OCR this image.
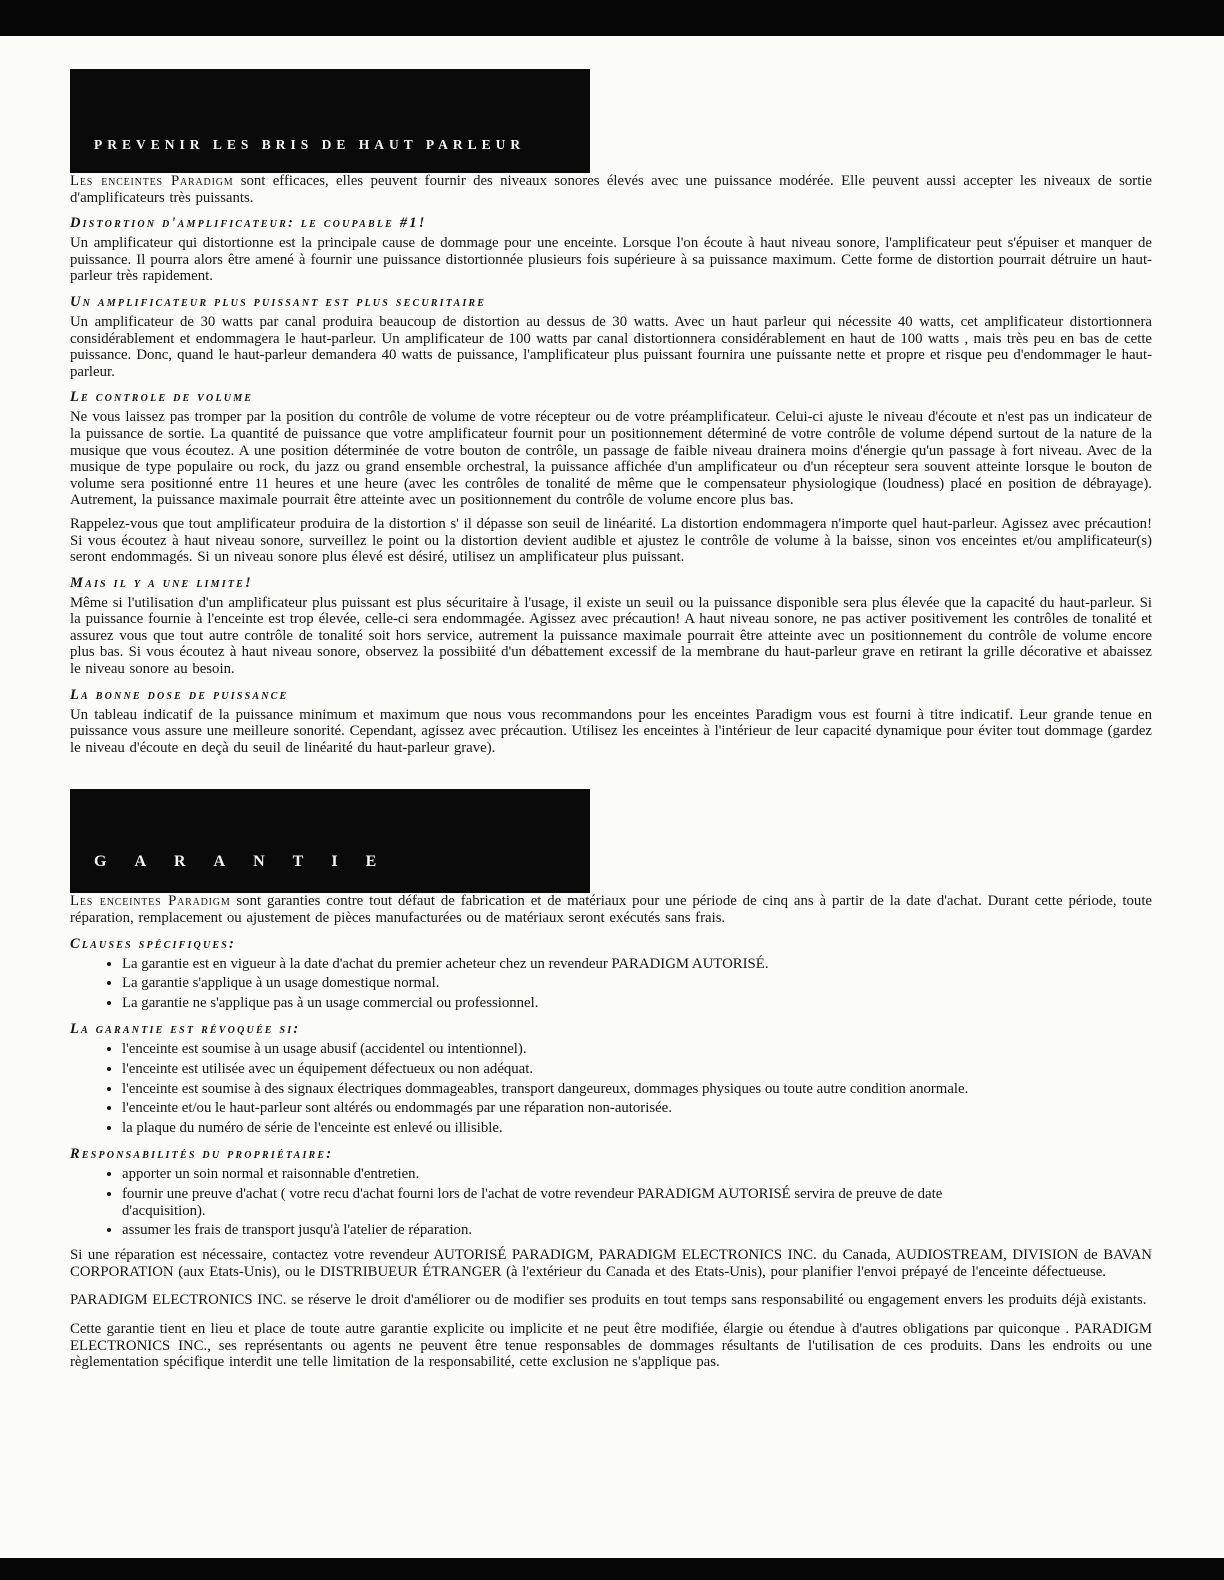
PREVENIR LES BRIS DE HAUT PARLEUR

Les enceintes Paradigm sont efficaces, elles peuvent fournir des niveaux sonores élevés avec une puissance modérée. Elle peuvent aussi accepter les niveaux de sortie d'amplificateurs très puissants.

Distortion d'amplificateur: le coupable #1!

Un amplificateur qui distortionne est la principale cause de dommage pour une enceinte. Lorsque l'on écoute à haut niveau sonore, l'amplificateur peut s'épuiser et manquer de puissance. Il pourra alors être amené à fournir une puissance distortionnée plusieurs fois supérieure à sa puissance maximum. Cette forme de distortion pourrait détruire un haut-parleur très rapidement.

Un amplificateur plus puissant est plus securitaire

Un amplificateur de 30 watts par canal produira beaucoup de distortion au dessus de 30 watts. Avec un haut parleur qui nécessite 40 watts, cet amplificateur distortionnera considérablement et endommagera le haut-parleur. Un amplificateur de 100 watts par canal distortionnera considérablement en haut de 100 watts , mais très peu en bas de cette puissance. Donc, quand le haut-parleur demandera 40 watts de puissance, l'amplificateur plus puissant fournira une puissante nette et propre et risque peu d'endommager le haut-parleur.

Le controle de volume

Ne vous laissez pas tromper par la position du contrôle de volume de votre récepteur ou de votre préamplificateur. Celui-ci ajuste le niveau d'écoute et n'est pas un indicateur de la puissance de sortie. La quantité de puissance que votre amplificateur fournit pour un positionnement déterminé de votre contrôle de volume dépend surtout de la nature de la musique que vous écoutez. A une position déterminée de votre bouton de contrôle, un passage de faible niveau drainera moins d'énergie qu'un passage à fort niveau. Avec de la musique de type populaire ou rock, du jazz ou grand ensemble orchestral, la puissance affichée d'un amplificateur ou d'un récepteur sera souvent atteinte lorsque le bouton de volume sera positionné entre 11 heures et une heure (avec les contrôles de tonalité de même que le compensateur physiologique (loudness) placé en position de débrayage). Autrement, la puissance maximale pourrait être atteinte avec un positionnement du contrôle de volume encore plus bas.

Rappelez-vous que tout amplificateur produira de la distortion s' il dépasse son seuil de linéarité. La distortion endommagera n'importe quel haut-parleur. Agissez avec précaution! Si vous écoutez à haut niveau sonore, surveillez le point ou la distortion devient audible et ajustez le contrôle de volume à la baisse, sinon vos enceintes et/ou amplificateur(s) seront endommagés. Si un niveau sonore plus élevé est désiré, utilisez un amplificateur plus puissant.

Mais il y a une limite!

Même si l'utilisation d'un amplificateur plus puissant est plus sécuritaire à l'usage, il existe un seuil ou la puissance disponible sera plus élevée que la capacité du haut-parleur. Si la puissance fournie à l'enceinte est trop élevée, celle-ci sera endommagée. Agissez avec précaution! A haut niveau sonore, ne pas activer positivement les contrôles de tonalité et assurez vous que tout autre contrôle de tonalité soit hors service, autrement la puissance maximale pourrait être atteinte avec un positionnement du contrôle de volume encore plus bas. Si vous écoutez à haut niveau sonore, observez la possibiité d'un débattement excessif de la membrane du haut-parleur grave en retirant la grille décorative et abaissez le niveau sonore au besoin.

La bonne dose de puissance

Un tableau indicatif de la puissance minimum et maximum que nous vous recommandons pour les enceintes Paradigm vous est fourni à titre indicatif. Leur grande tenue en puissance vous assure une meilleure sonorité. Cependant, agissez avec précaution. Utilisez les enceintes à l'intérieur de leur capacité dynamique pour éviter tout dommage (gardez le niveau d'écoute en deçà du seuil de linéarité du haut-parleur grave).

GARANTIE

Les enceintes Paradigm sont garanties contre tout défaut de fabrication et de matériaux pour une période de cinq ans à partir de la date d'achat. Durant cette période, toute réparation, remplacement ou ajustement de pièces manufacturées ou de matériaux seront exécutés sans frais.

Clauses spécifiques:
• La garantie est en vigueur à la date d'achat du premier acheteur chez un revendeur PARADIGM AUTORISÉ.
• La garantie s'applique à un usage domestique normal.
• La garantie ne s'applique pas à un usage commercial ou professionnel.
La garantie est révoquée si:
• l'enceinte est soumise à un usage abusif (accidentel ou intentionnel).
• l'enceinte est utilisée avec un équipement défectueux ou non adéquat.
• l'enceinte est soumise à des signaux électriques dommageables, transport dangeureux, dommages physiques ou toute autre condition anormale.
• l'enceinte et/ou le haut-parleur sont altérés ou endommagés par une réparation non-autorisée.
• la plaque du numéro de série de l'enceinte est enlevé ou illisible.
Responsabilités du propriétaire:
• apporter un soin normal et raisonnable d'entretien.
• fournir une preuve d'achat ( votre recu d'achat fourni lors de l'achat de votre revendeur PARADIGM AUTORISÉ servira de preuve de date d'acquisition).
• assumer les frais de transport jusqu'à l'atelier de réparation.

Si une réparation est nécessaire, contactez votre revendeur AUTORISÉ PARADIGM, PARADIGM ELECTRONICS INC. du Canada, AUDIOSTREAM, DIVISION de BAVAN CORPORATION (aux Etats-Unis), ou le DISTRIBUEUR ÉTRANGER (à l'extérieur du Canada et des Etats-Unis), pour planifier l'envoi prépayé de l'enceinte défectueuse.

PARADIGM ELECTRONICS INC. se réserve le droit d'améliorer ou de modifier ses produits en tout temps sans responsabilité ou engagement envers les produits déjà existants.

Cette garantie tient en lieu et place de toute autre garantie explicite ou implicite et ne peut être modifiée, élargie ou étendue à d'autres obligations par quiconque . PARADIGM ELECTRONICS INC., ses représentants ou agents ne peuvent être tenue responsables de dommages résultants de l'utilisation de ces produits. Dans les endroits ou une règlementation spécifique interdit une telle limitation de la responsabilité, cette exclusion ne s'applique pas.
